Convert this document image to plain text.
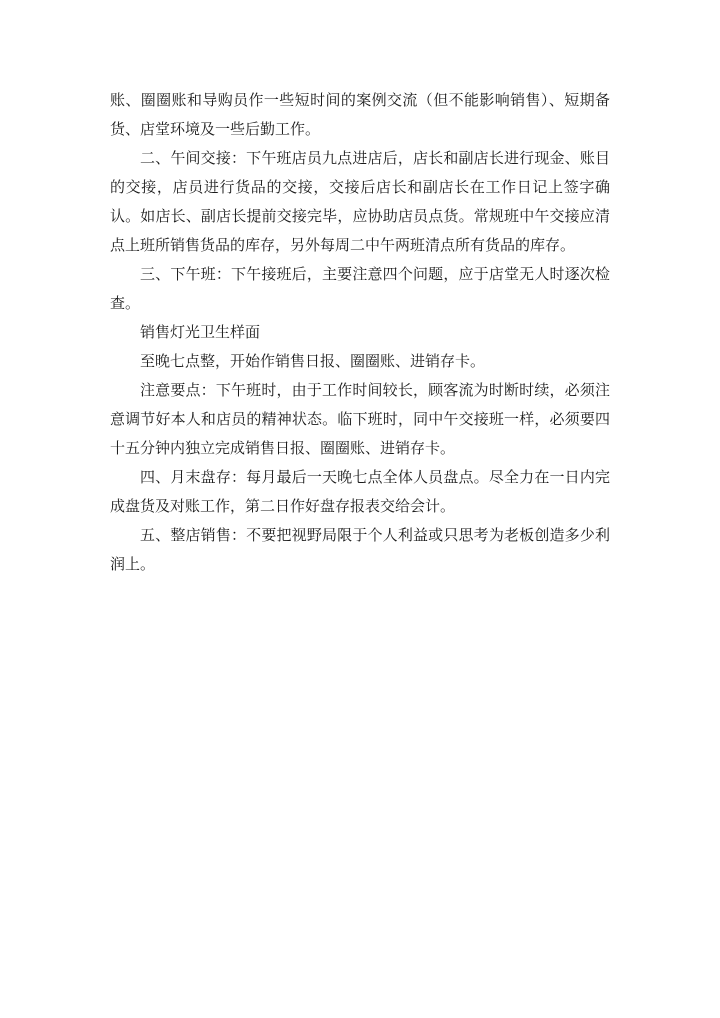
账、圈圈账和导购员作一些短时间的案例交流（但不能影响销售）、短期备货、店堂环境及一些后勤工作。

二、午间交接：下午班店员九点进店后，店长和副店长进行现金、账目的交接，店员进行货品的交接，交接后店长和副店长在工作日记上签字确认。如店长、副店长提前交接完毕，应协助店员点货。常规班中午交接应清点上班所销售货品的库存，另外每周二中午两班清点所有货品的库存。

三、下午班：下午接班后，主要注意四个问题，应于店堂无人时逐次检查。

销售灯光卫生样面

至晚七点整，开始作销售日报、圈圈账、进销存卡。

注意要点：下午班时，由于工作时间较长，顾客流为时断时续，必须注意调节好本人和店员的精神状态。临下班时，同中午交接班一样，必须要四十五分钟内独立完成销售日报、圈圈账、进销存卡。

四、月末盘存：每月最后一天晚七点全体人员盘点。尽全力在一日内完成盘货及对账工作，第二日作好盘存报表交给会计。

五、整店销售：不要把视野局限于个人利益或只思考为老板创造多少利润上。
